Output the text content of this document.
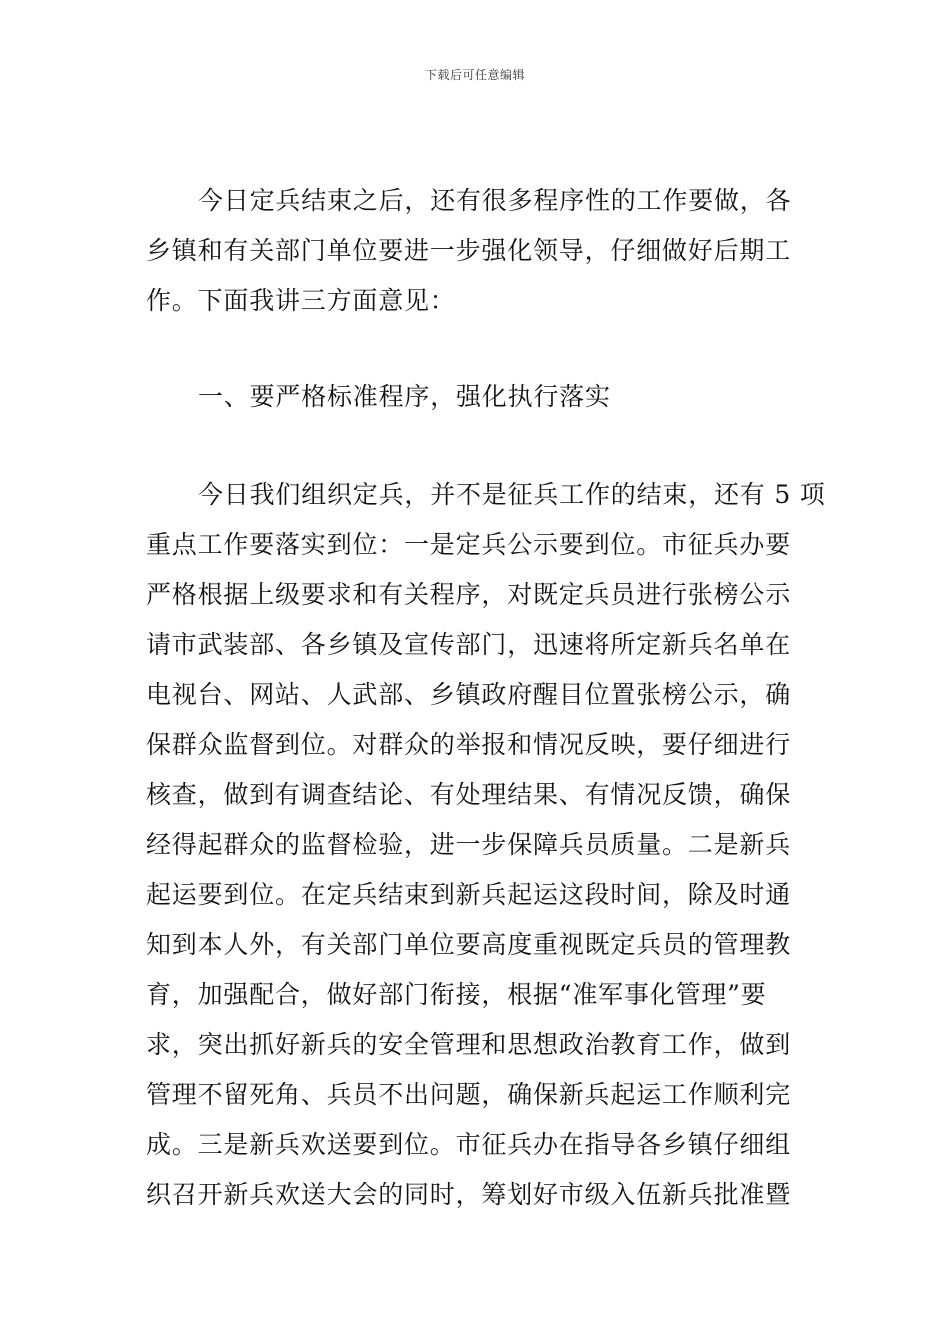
下载后可任意编辑
今日定兵结束之后，还有很多程序性的工作要做，各
乡镇和有关部门单位要进一步强化领导，仔细做好后期工
作。下面我讲三方面意见：
一、要严格标准程序，强化执行落实
今日我们组织定兵，并不是征兵工作的结束，还有 5 项
重点工作要落实到位：一是定兵公示要到位。市征兵办要
严格根据上级要求和有关程序，对既定兵员进行张榜公示
请市武装部、各乡镇及宣传部门，迅速将所定新兵名单在
电视台、网站、人武部、乡镇政府醒目位置张榜公示，确
保群众监督到位。对群众的举报和情况反映，要仔细进行
核查，做到有调查结论、有处理结果、有情况反馈，确保
经得起群众的监督检验，进一步保障兵员质量。二是新兵
起运要到位。在定兵结束到新兵起运这段时间，除及时通
知到本人外，有关部门单位要高度重视既定兵员的管理教
育，加强配合，做好部门衔接，根据“准军事化管理”要
求，突出抓好新兵的安全管理和思想政治教育工作，做到
管理不留死角、兵员不出问题，确保新兵起运工作顺利完
成。三是新兵欢送要到位。市征兵办在指导各乡镇仔细组
织召开新兵欢送大会的同时，筹划好市级入伍新兵批准暨
